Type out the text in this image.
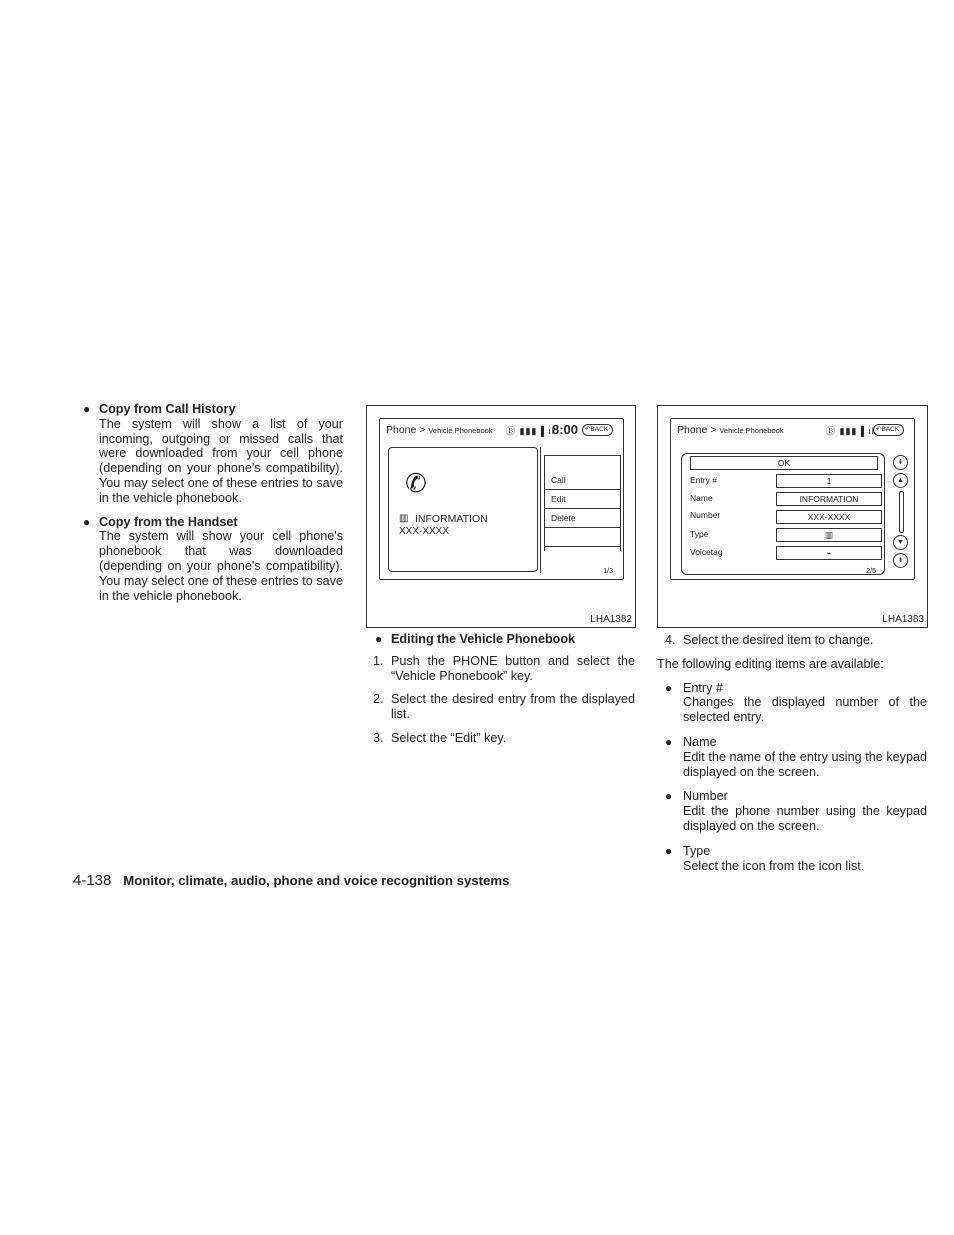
● Copy from Call History
The system will show a list of your incoming, outgoing or missed calls that were downloaded from your cell phone (depending on your phone's compatibility). You may select one of these entries to save in the vehicle phonebook.
● Copy from the Handset
The system will show your cell phone's phonebook that was downloaded (depending on your phone's compatibility). You may select one of these entries to save in the vehicle phonebook.
Phone > Vehicle Phonebook Ⓑ ▮▮▮ ▌ıl
8:00	↶BACK
✆
▥ INFORMATION
XXX-XXXX
Call
Edit
Delete
1/3
LHA1382
Phone > Vehicle Phonebook	Ⓑ ▮▮▮ ▌ıl ↶BACK
OK
Entry #	1
Name	INFORMATION
Number	XXX-XXXX
Type	▥
Voicetag	⌁
⇞
▲
▼
⇟
2/5
LHA1383
● Editing the Vehicle Phonebook
1. Push the PHONE button and select the “Vehicle Phonebook” key.
2. Select the desired entry from the displayed list.
3. Select the “Edit” key.
4. Select the desired item to change.
The following editing items are available:
● Entry #
Changes the displayed number of the selected entry.
● Name
Edit the name of the entry using the keypad displayed on the screen.
● Number
Edit the phone number using the keypad displayed on the screen.
● Type
Select the icon from the icon list.
4-138 Monitor, climate, audio, phone and voice recognition systems
